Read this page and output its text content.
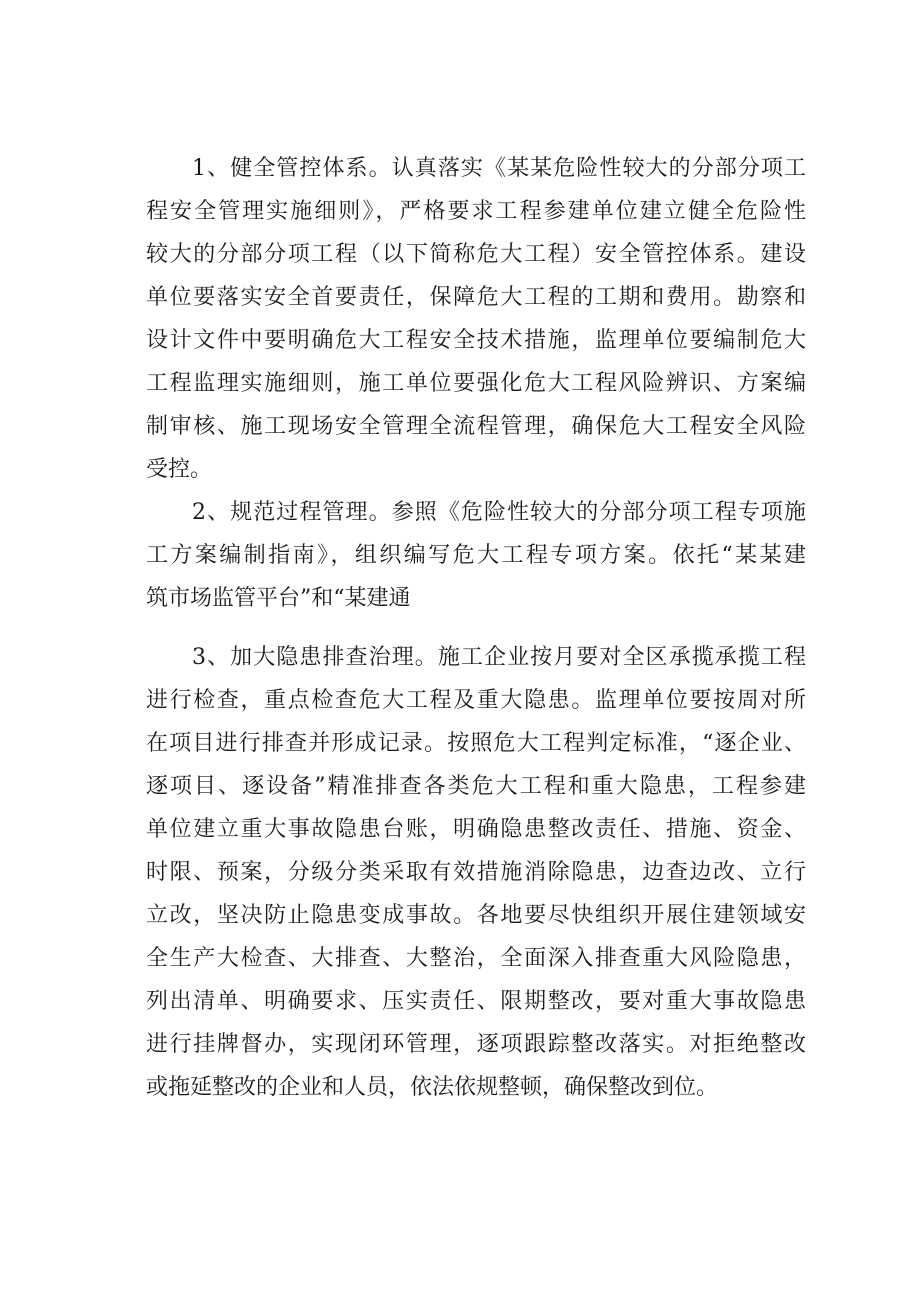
1、健全管控体系。认真落实《某某危险性较大的分部分项工
程安全管理实施细则》，严格要求工程参建单位建立健全危险性
较大的分部分项工程（以下简称危大工程）安全管控体系。建设
单位要落实安全首要责任，保障危大工程的工期和费用。勘察和
设计文件中要明确危大工程安全技术措施，监理单位要编制危大
工程监理实施细则，施工单位要强化危大工程风险辨识、方案编
制审核、施工现场安全管理全流程管理，确保危大工程安全风险
受控。
2、规范过程管理。参照《危险性较大的分部分项工程专项施
工方案编制指南》，组织编写危大工程专项方案。依托“某某建
筑市场监管平台”和“某建通
3、加大隐患排查治理。施工企业按月要对全区承揽承揽工程
进行检查，重点检查危大工程及重大隐患。监理单位要按周对所
在项目进行排查并形成记录。按照危大工程判定标准，“逐企业、
逐项目、逐设备”精准排查各类危大工程和重大隐患，工程参建
单位建立重大事故隐患台账，明确隐患整改责任、措施、资金、
时限、预案，分级分类采取有效措施消除隐患，边查边改、立行
立改，坚决防止隐患变成事故。各地要尽快组织开展住建领域安
全生产大检查、大排查、大整治，全面深入排查重大风险隐患，
列出清单、明确要求、压实责任、限期整改，要对重大事故隐患
进行挂牌督办，实现闭环管理，逐项跟踪整改落实。对拒绝整改
或拖延整改的企业和人员，依法依规整顿，确保整改到位。
